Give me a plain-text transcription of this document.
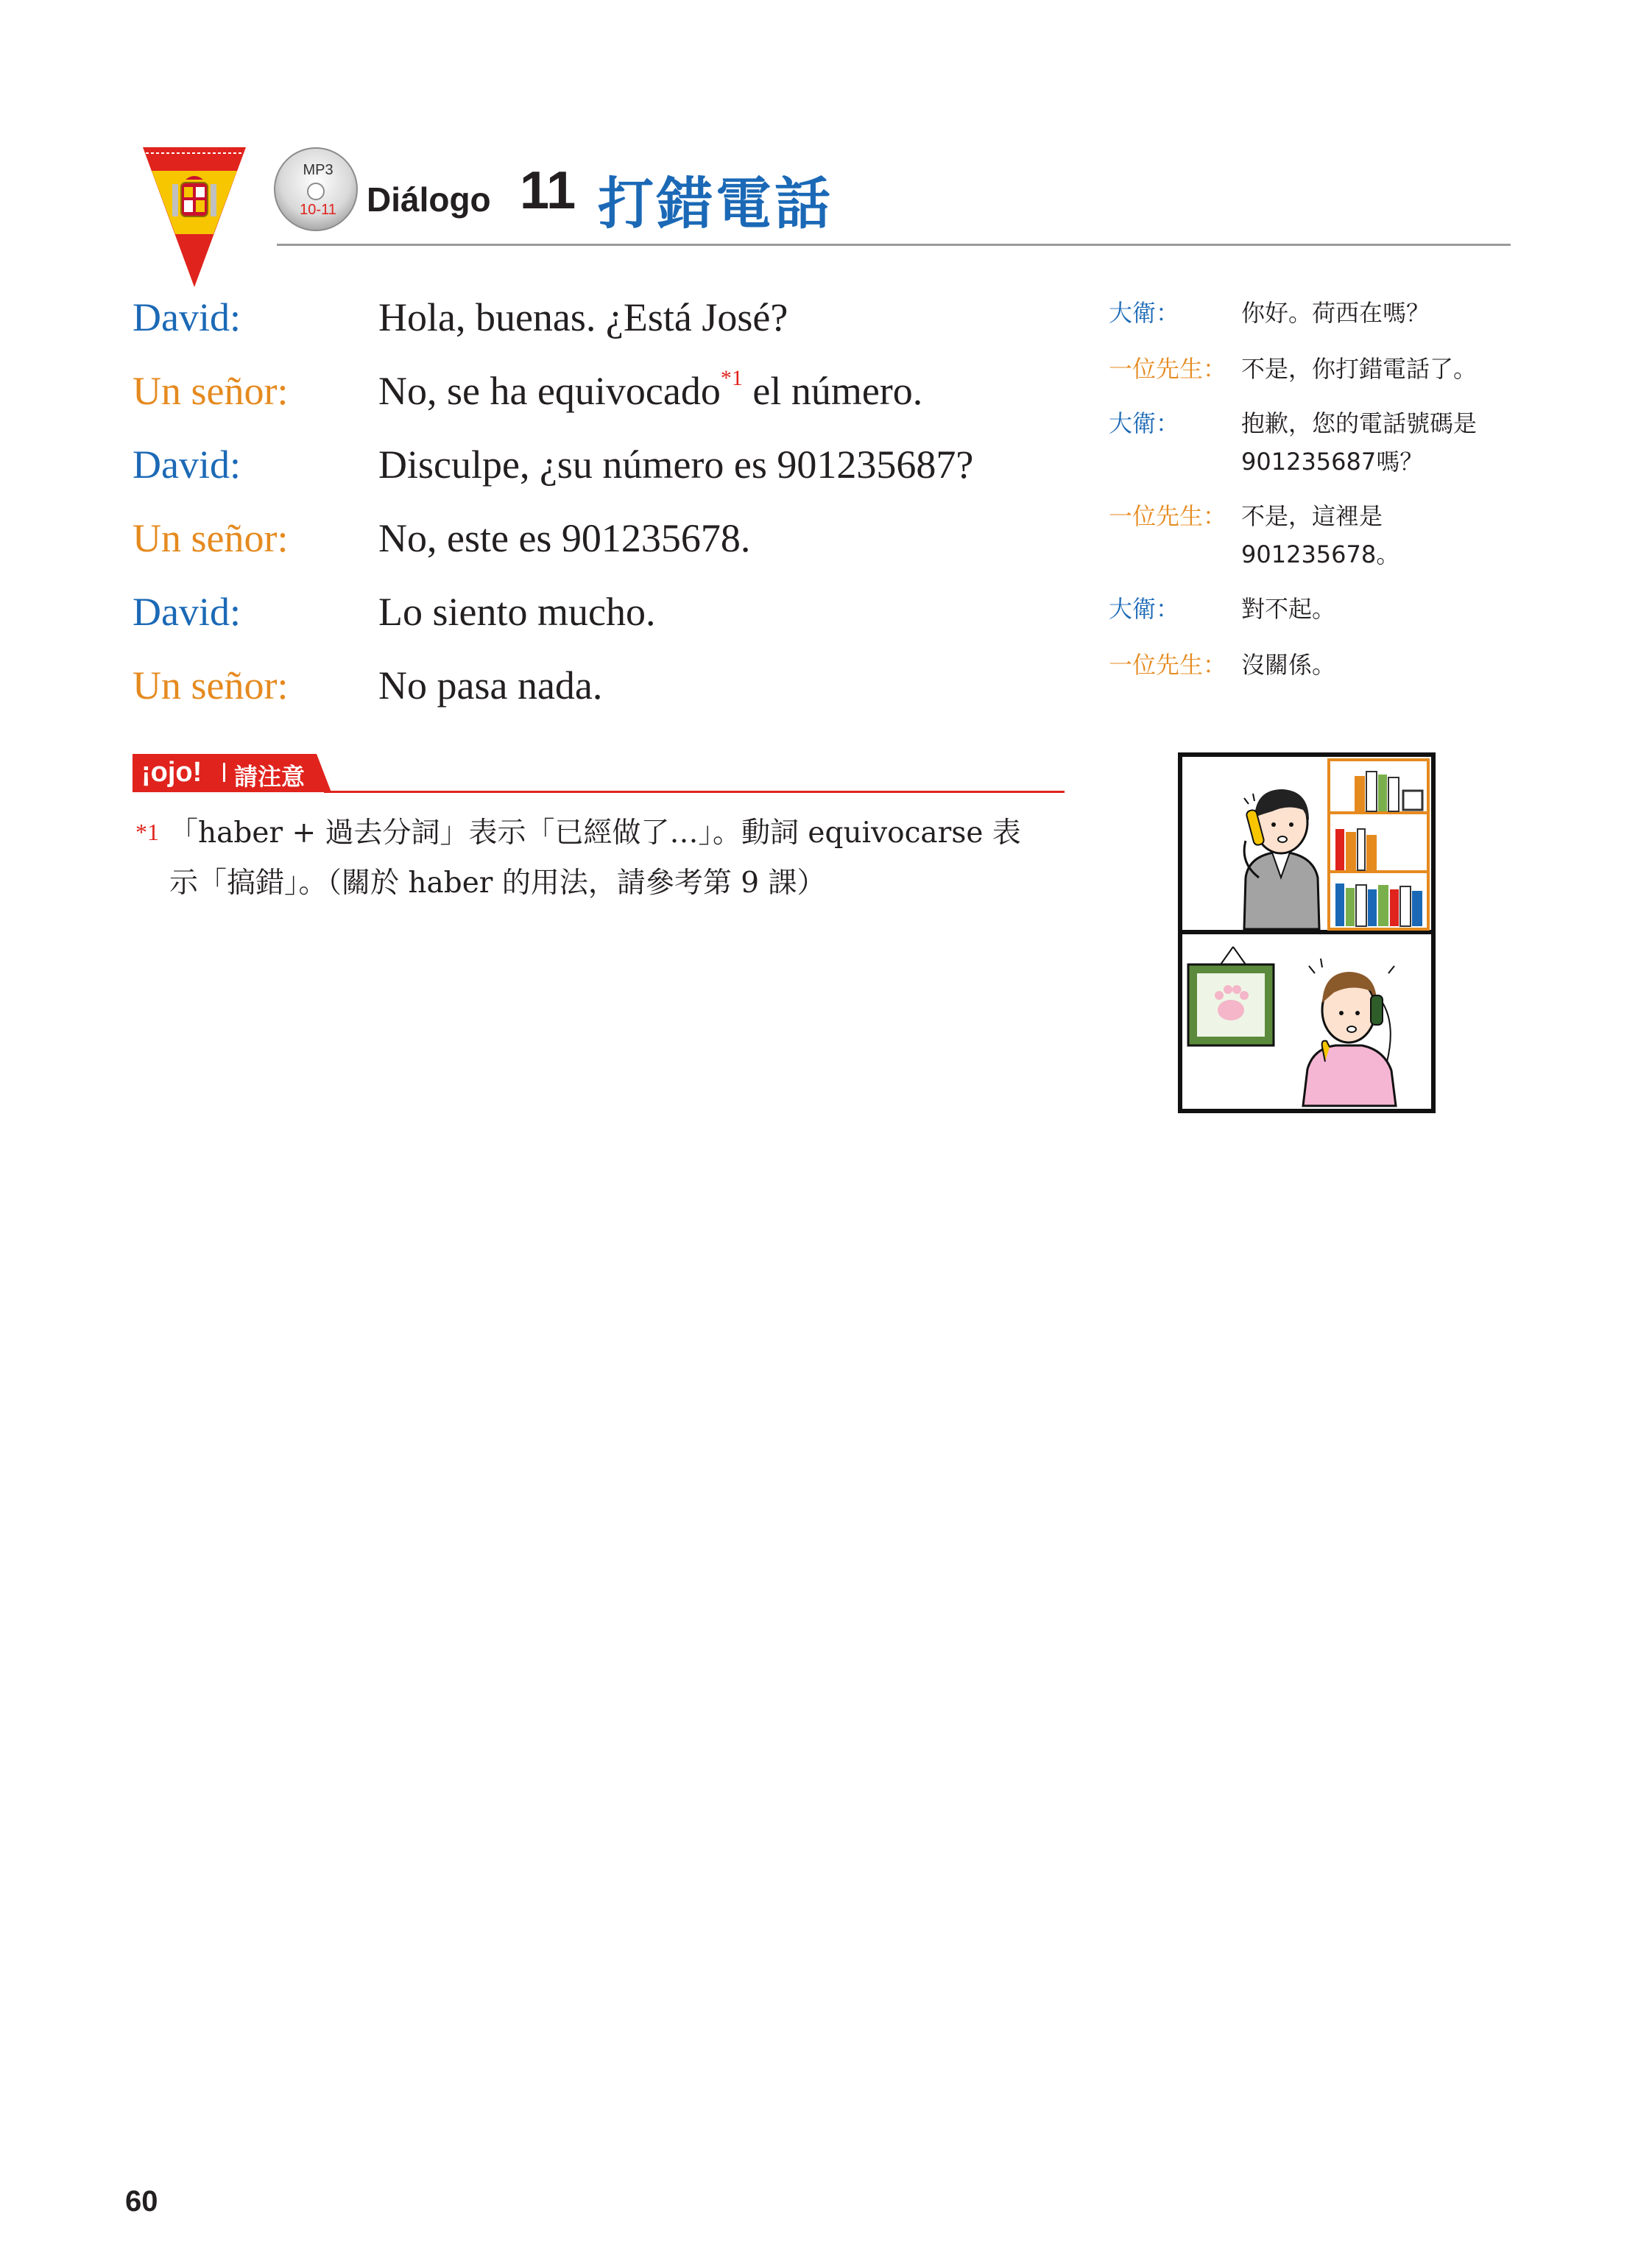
MP3
10-11 Diálogo 11 打錯電話
David:	Hola, buenas. ¿Está José?
Un señor: No, se ha equivocado$^{*1}$ el número.
David:	Disculpe, ¿su número es 901235687?
Un señor: No, este es 901235678.
David:	Lo siento mucho.
Un señor: No pasa nada.
大衛：	你好。荷西在嗎？
一位先生： 不是，你打錯電話了。
大衛：	抱歉，您的電話號碼是
901235687嗎？
一位先生： 不是，這裡是
901235678。
大衛：	對不起。
一位先生： 沒關係。
¡ojo! 請注意
*1 「haber + 過去分詞」表示「已經做了…」。動詞 equivocarse 表
示「搞錯」。（關於 haber 的用法，請參考第 9 課）
60
